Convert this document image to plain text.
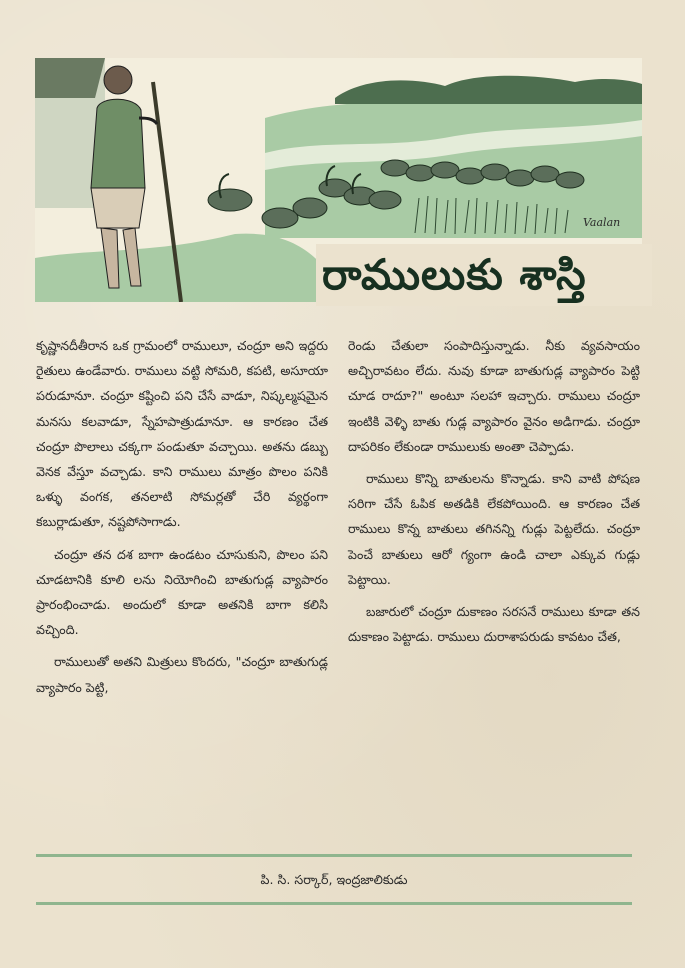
Vaalan
రాములుకు శాస్తి

కృష్ణానదీతీరాన ఒక గ్రామంలో రాములూ, చంద్రూ అని ఇద్దరు రైతులు ఉండేవారు. రాములు వట్టి సోమరి, కపటి, అసూయా పరుడూనూ. చంద్రూ కష్టించి పని చేసే వాడూ, నిష్కల్మషమైన మనసు కలవాడూ, స్నేహపాత్రుడూనూ. ఆ కారణం చేత చంద్రూ పొలాలు చక్కగా పండుతూ వచ్చాయి. అతను డబ్బు వెనక వేస్తూ వచ్చాడు. కాని రాములు మాత్రం పొలం పనికి ఒళ్ళు వంగక, తనలాటి సోమర్లతో చేరి వ్యర్థంగా కబుర్లాడుతూ, నష్టపోసాగాడు.

చంద్రూ తన దశ బాగా ఉండటం చూసుకుని, పొలం పని చూడటానికి కూలి లను నియోగించి బాతుగుడ్ల వ్యాపారం ప్రారంభించాడు. అందులో కూడా అతనికి బాగా కలిసి వచ్చింది.

రాములుతో అతని మిత్రులు కొందరు, "చంద్రూ బాతుగుడ్ల వ్యాపారం పెట్టి,

రెండు చేతులా సంపాదిస్తున్నాడు. నీకు వ్యవసాయం అచ్చిరావటం లేదు. నువు కూడా బాతుగుడ్ల వ్యాపారం పెట్టి చూడ రాదూ?" అంటూ సలహా ఇచ్చారు. రాములు చంద్రూ ఇంటికి వెళ్ళి బాతు గుడ్ల వ్యాపారం వైనం అడిగాడు. చంద్రూ దాపరికం లేకుండా రాములుకు అంతా చెప్పాడు.

రాములు కొన్ని బాతులను కొన్నాడు. కాని వాటి పోషణ సరిగా చేసే ఓపిక అతడికి లేకపోయింది. ఆ కారణం చేత రాములు కొన్న బాతులు తగినన్ని గుడ్లు పెట్టలేదు. చంద్రూ పెంచే బాతులు ఆరో గ్యంగా ఉండి చాలా ఎక్కువ గుడ్లు పెట్టాయి.

బజారులో చంద్రూ దుకాణం సరసనే రాములు కూడా తన దుకాణం పెట్టాడు. రాములు దురాశాపరుడు కావటం చేత,

పి. సి. సర్కార్, ఇంద్రజాలికుడు
